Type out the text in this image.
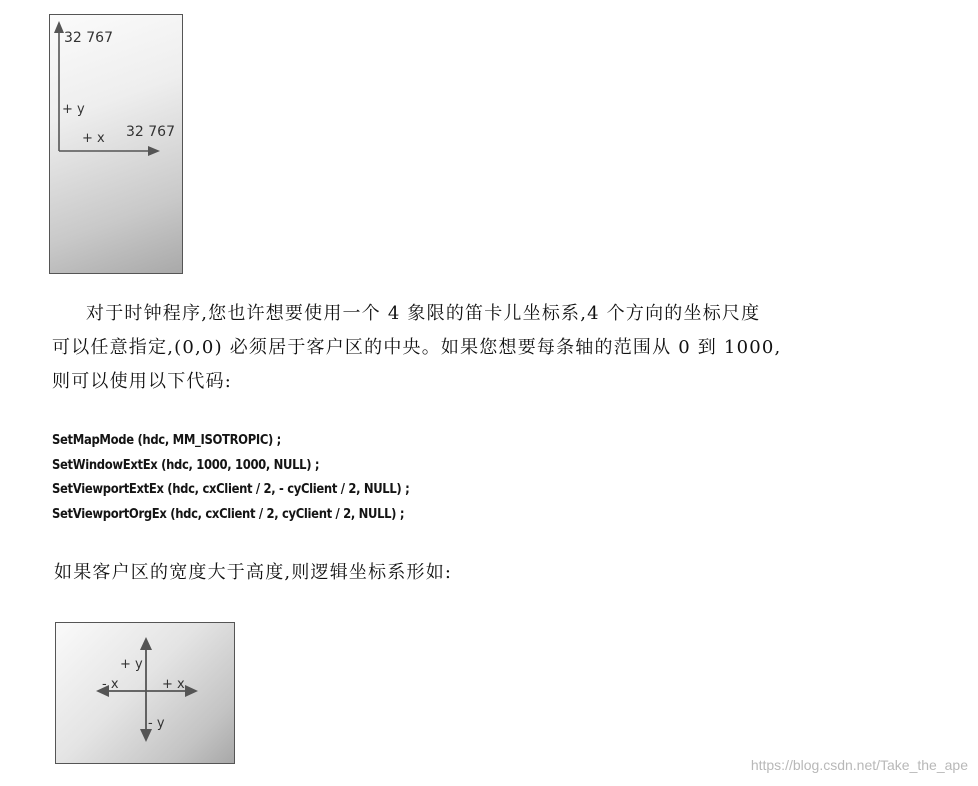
32 767
32 767
+ y
+ x
对于时钟程序,您也许想要使用一个 4 象限的笛卡儿坐标系,4 个方向的坐标尺度
可以任意指定,(0,0) 必须居于客户区的中央。如果您想要每条轴的范围从 0 到 1000,
则可以使用以下代码:
SetMapMode (hdc, MM_ISOTROPIC) ;
SetWindowExtEx (hdc, 1000, 1000, NULL) ;
SetViewportExtEx (hdc, cxClient / 2, - cyClient / 2, NULL) ;
SetViewportOrgEx (hdc, cxClient / 2, cyClient / 2, NULL) ;
如果客户区的宽度大于高度,则逻辑坐标系形如:
+ y
- y
+ x
- x
https://blog.csdn.net/Take_the_ape
